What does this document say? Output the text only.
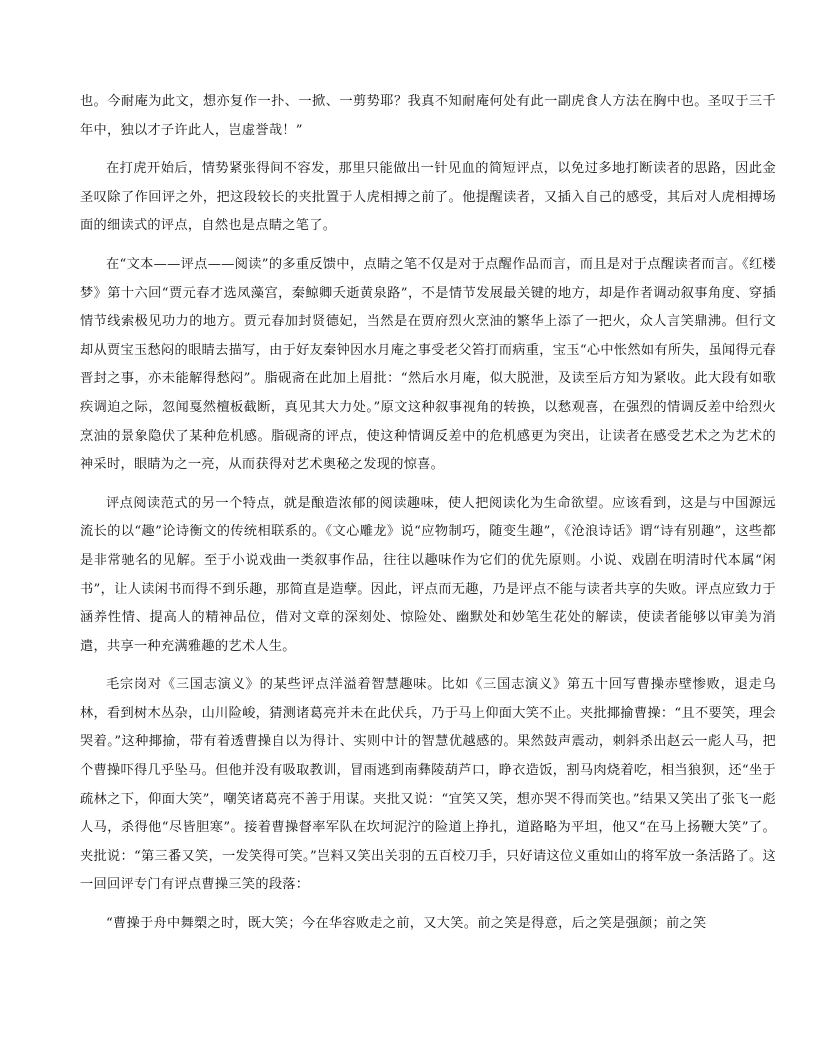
也。今耐庵为此文，想亦复作一扑、一掀、一剪势耶？我真不知耐庵何处有此一副虎食人方法在胸中也。圣叹于三千年中，独以才子许此人，岂虚誉哉！”

在打虎开始后，情势紧张得间不容发，那里只能做出一针见血的简短评点，以免过多地打断读者的思路，因此金圣叹除了作回评之外，把这段较长的夹批置于人虎相搏之前了。他提醒读者，又插入自己的感受，其后对人虎相搏场面的细读式的评点，自然也是点睛之笔了。

在“文本——评点——阅读”的多重反馈中，点睛之笔不仅是对于点醒作品而言，而且是对于点醒读者而言。《红楼梦》第十六回“贾元春才选凤藻宫，秦鲸卿夭逝黄泉路”，不是情节发展最关键的地方，却是作者调动叙事角度、穿插情节线索极见功力的地方。贾元春加封贤德妃，当然是在贾府烈火烹油的繁华上添了一把火，众人言笑鼎沸。但行文却从贾宝玉愁闷的眼睛去描写，由于好友秦钟因水月庵之事受老父笞打而病重，宝玉“心中怅然如有所失，虽闻得元春晋封之事，亦未能解得愁闷”。脂砚斋在此加上眉批：“然后水月庵，似大脱泄，及读至后方知为紧收。此大段有如歌疾调迫之际，忽闻戛然檀板截断，真见其大力处。”原文这种叙事视角的转换，以愁观喜，在强烈的情调反差中给烈火烹油的景象隐伏了某种危机感。脂砚斋的评点，使这种情调反差中的危机感更为突出，让读者在感受艺术之为艺术的神采时，眼睛为之一亮，从而获得对艺术奥秘之发现的惊喜。

评点阅读范式的另一个特点，就是酿造浓郁的阅读趣味，使人把阅读化为生命欲望。应该看到，这是与中国源远流长的以“趣”论诗衡文的传统相联系的。《文心雕龙》说“应物制巧，随变生趣”，《沧浪诗话》谓“诗有别趣”，这些都是非常驰名的见解。至于小说戏曲一类叙事作品，往往以趣味作为它们的优先原则。小说、戏剧在明清时代本属“闲书”，让人读闲书而得不到乐趣，那简直是造孽。因此，评点而无趣，乃是评点不能与读者共享的失败。评点应致力于涵养性情、提高人的精神品位，借对文章的深刻处、惊险处、幽默处和妙笔生花处的解读，使读者能够以审美为消遣，共享一种充满雅趣的艺术人生。

毛宗岗对《三国志演义》的某些评点洋溢着智慧趣味。比如《三国志演义》第五十回写曹操赤壁惨败，退走乌林，看到树木丛杂，山川险峻，猜测诸葛亮并未在此伏兵，乃于马上仰面大笑不止。夹批揶揄曹操：“且不要笑，理会哭着。”这种揶揄，带有着透曹操自以为得计、实则中计的智慧优越感的。果然鼓声震动，刺斜杀出赵云一彪人马，把个曹操吓得几乎坠马。但他并没有吸取教训，冒雨逃到南彝陵葫芦口，睁衣造饭，割马肉烧着吃，相当狼狈，还“坐于疏林之下，仰面大笑”，嘲笑诸葛亮不善于用谋。夹批又说：“宜笑又笑，想亦哭不得而笑也。”结果又笑出了张飞一彪人马，杀得他“尽皆胆寒”。接着曹操督率军队在坎坷泥泞的险道上挣扎，道路略为平坦，他又“在马上扬鞭大笑”了。夹批说：“第三番又笑，一发笑得可笑。”岂料又笑出关羽的五百校刀手，只好请这位义重如山的将军放一条活路了。这一回回评专门有评点曹操三笑的段落：

“曹操于舟中舞槊之时，既大笑；今在华容败走之前，又大笑。前之笑是得意，后之笑是强颜；前之笑
